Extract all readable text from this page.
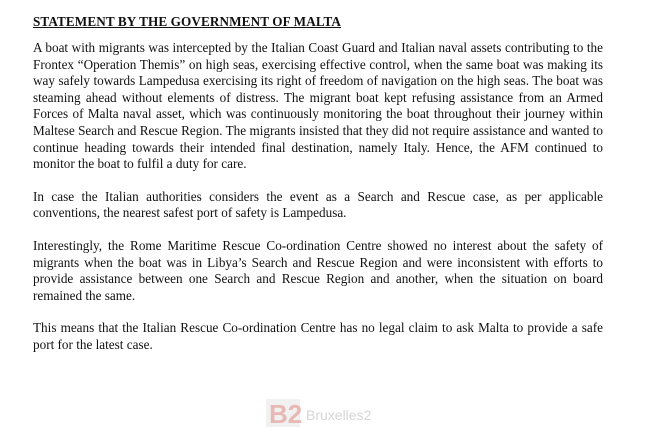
STATEMENT BY THE GOVERNMENT OF MALTA

A boat with migrants was intercepted by the Italian Coast Guard and Italian naval assets contributing to the Frontex “Operation Themis” on high seas, exercising effective control, when the same boat was making its way safely towards Lampedusa exercising its right of freedom of navigation on the high seas. The boat was steaming ahead without elements of distress. The migrant boat kept refusing assistance from an Armed Forces of Malta naval asset, which was continuously monitoring the boat throughout their journey within Maltese Search and Rescue Region. The migrants insisted that they did not require assistance and wanted to continue heading towards their intended final destination, namely Italy. Hence, the AFM continued to monitor the boat to fulfil a duty for care.

In case the Italian authorities considers the event as a Search and Rescue case, as per applicable conventions, the nearest safest port of safety is Lampedusa.

Interestingly, the Rome Maritime Rescue Co-ordination Centre showed no interest about the safety of migrants when the boat was in Libya’s Search and Rescue Region and were inconsistent with efforts to provide assistance between one Search and Rescue Region and another, when the situation on board remained the same.

This means that the Italian Rescue Co-ordination Centre has no legal claim to ask Malta to provide a safe port for the latest case.

B2 Bruxelles2
